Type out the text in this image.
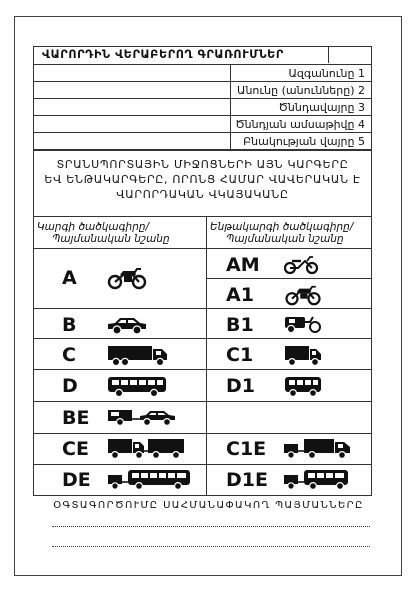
ՎԱՐՈՐԴԻՆ ՎԵՐԱԲԵՐՈՂ ԳՐԱՌՈՒՄՆԵՐ
Ազգանունը 1
Անունը (անունները) 2
Ծննդավայրը 3
Ծննդյան ամսաթիվը 4
Բնակության վայրը 5
ՏՐԱՆՍՊՈՐՏԱՅԻՆ ՄԻՋՈՑՆԵՐԻ ԱՅՆ ԿԱՐԳԵՐԸ
ԵՎ ԵՆԹԱԿԱՐԳԵՐԸ, ՈՐՈՆՑ ՀԱՄԱՐ ՎԱՎԵՐԱԿԱՆ Է
ՎԱՐՈՐԴԱԿԱՆ ՎԿԱՅԱԿԱՆԸ
Կարգի ծածկագիրը/
Պայմանական նշանը
Ենթակարգի ծածկագիրը/
Պայմանական նշանը
A
B
C
D
BE
CE
DE
AM
A1
B1
C1
D1
C1E
D1E
ՕԳՏԱԳՈՐԾՈՒՄԸ ՍԱՀՄԱՆԱՓԱԿՈՂ ՊԱՅՄԱՆՆԵՐԸ
